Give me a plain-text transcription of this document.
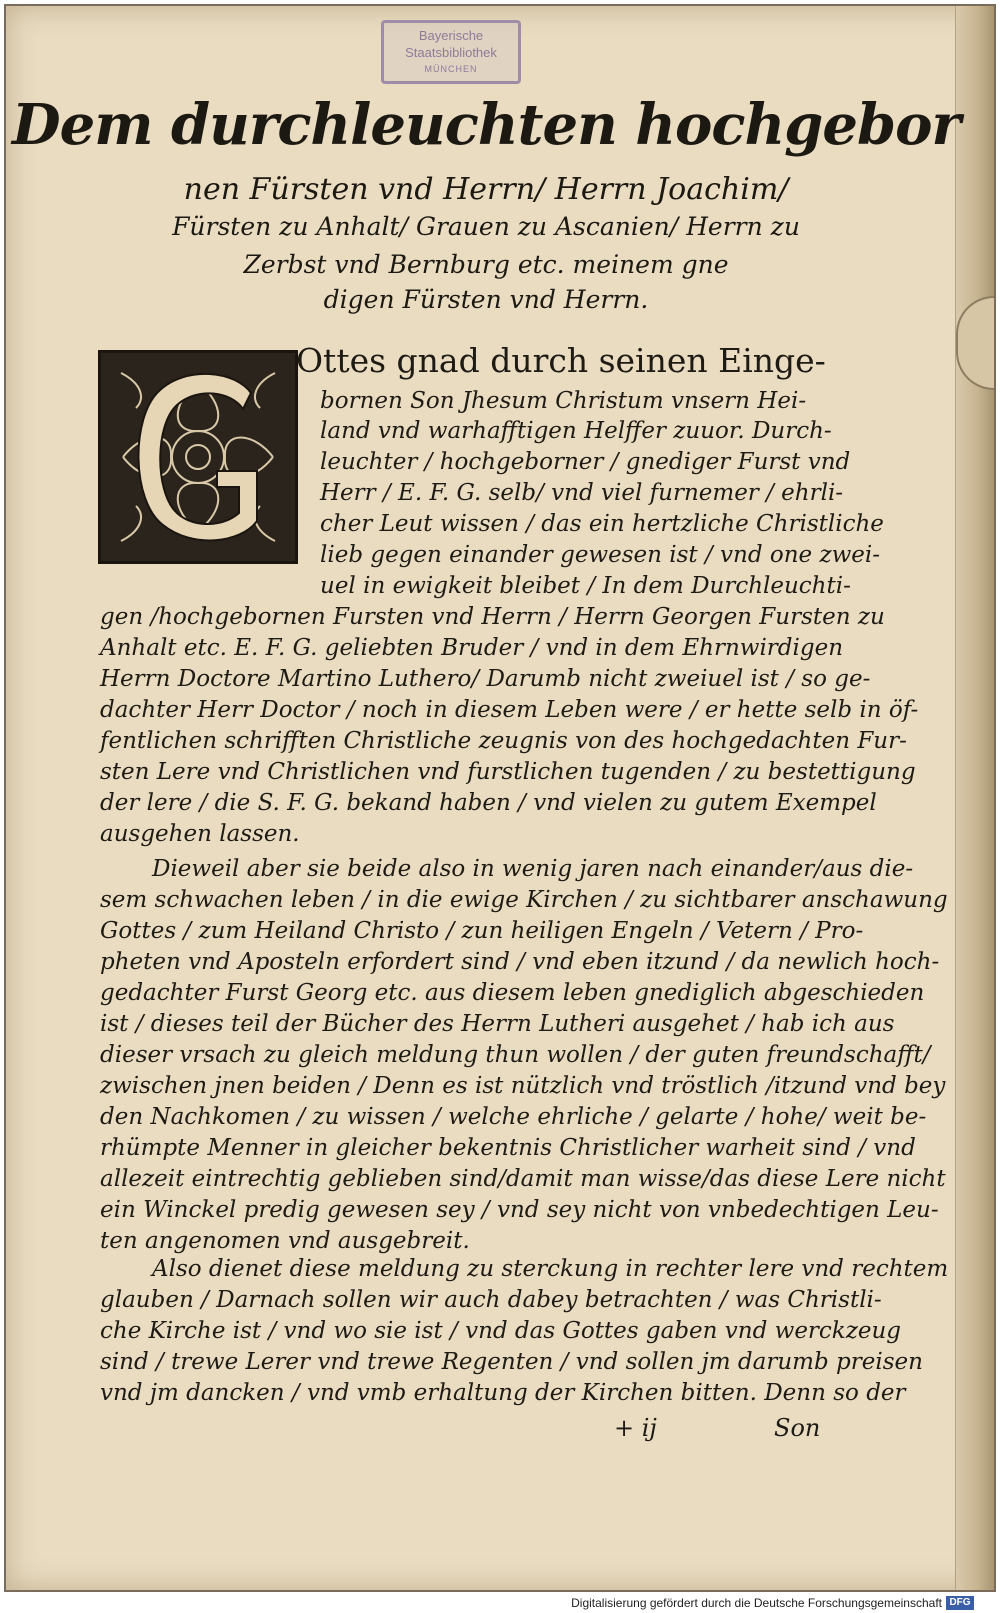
Bayerische
Staatsbibliothek
MÜNCHEN
Dem durchleuchten hochgebor
nen Fürsten vnd Herrn/ Herrn Joachim/
Fürsten zu Anhalt/ Grauen zu Ascanien/ Herrn zu
Zerbst vnd Bernburg etc. meinem gne
digen Fürsten vnd Herrn.
Ottes gnad durch seinen Einge-
bornen Son Jhesum Christum vnsern Hei-
land vnd warhafftigen Helffer zuuor. Durch-
leuchter / hochgeborner / gnediger Furst vnd
Herr / E. F. G. selb/ vnd viel furnemer / ehrli-
cher Leut wissen / das ein hertzliche Christliche
lieb gegen einander gewesen ist / vnd one zwei-
uel in ewigkeit bleibet / In dem Durchleuchti-
gen /hochgebornen Fursten vnd Herrn / Herrn Georgen Fursten zu
Anhalt etc. E. F. G. geliebten Bruder / vnd in dem Ehrnwirdigen
Herrn Doctore Martino Luthero/ Darumb nicht zweiuel ist / so ge-
dachter Herr Doctor / noch in diesem Leben were / er hette selb in öf-
fentlichen schrifften Christliche zeugnis von des hochgedachten Fur-
sten Lere vnd Christlichen vnd furstlichen tugenden / zu bestettigung
der lere / die S. F. G. bekand haben / vnd vielen zu gutem Exempel
ausgehen lassen.
Dieweil aber sie beide also in wenig jaren nach einander/aus die-
sem schwachen leben / in die ewige Kirchen / zu sichtbarer anschawung
Gottes / zum Heiland Christo / zun heiligen Engeln / Vetern / Pro-
pheten vnd Aposteln erfordert sind / vnd eben itzund / da newlich hoch-
gedachter Furst Georg etc. aus diesem leben gnediglich abgeschieden
ist / dieses teil der Bücher des Herrn Lutheri ausgehet / hab ich aus
dieser vrsach zu gleich meldung thun wollen / der guten freundschafft/
zwischen jnen beiden / Denn es ist nützlich vnd tröstlich /itzund vnd bey
den Nachkomen / zu wissen / welche ehrliche / gelarte / hohe/ weit be-
rhümpte Menner in gleicher bekentnis Christlicher warheit sind / vnd
allezeit eintrechtig geblieben sind/damit man wisse/das diese Lere nicht
ein Winckel predig gewesen sey / vnd sey nicht von vnbedechtigen Leu-
ten angenomen vnd ausgebreit.
Also dienet diese meldung zu sterckung in rechter lere vnd rechtem
glauben / Darnach sollen wir auch dabey betrachten / was Christli-
che Kirche ist / vnd wo sie ist / vnd das Gottes gaben vnd werckzeug
sind / trewe Lerer vnd trewe Regenten / vnd sollen jm darumb preisen
vnd jm dancken / vnd vmb erhaltung der Kirchen bitten. Denn so der
+ ij	Son
Digitalisierung gefördert durch die Deutsche Forschungsgemeinschaft DFG
